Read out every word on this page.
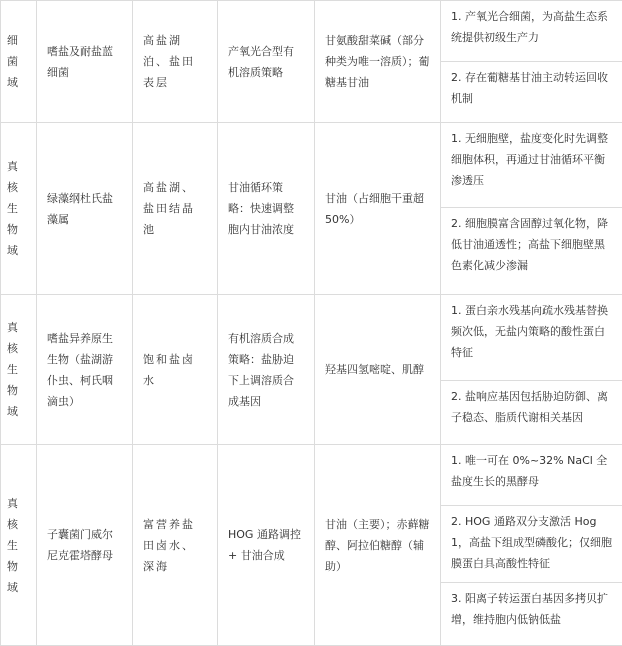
细菌域	嗜盐及耐盐蓝细菌	高盐湖泊、盐田表层	产氧光合型有机溶质策略	甘氨酸甜菜碱（部分种类为唯一溶质）；葡糖基甘油	1. 产氧光合细菌，为高盐生态系统提供初级生产力
2. 存在葡糖基甘油主动转运回收机制

真核生物域	绿藻纲杜氏盐藻属	高盐湖、盐田结晶池	甘油循环策略：快速调整胞内甘油浓度	甘油（占细胞干重超50%）	1. 无细胞壁，盐度变化时先调整细胞体积，再通过甘油循环平衡渗透压
2. 细胞膜富含固醇过氧化物，降低甘油通透性；高盐下细胞壁黑色素化减少渗漏

真核生物域	嗜盐异养原生生物（盐湖游仆虫、柯氏咽滴虫）	饱和盐卤水	有机溶质合成策略：盐胁迫下上调溶质合成基因	羟基四氢嘧啶、肌醇	1. 蛋白亲水残基向疏水残基替换频次低，无盐内策略的酸性蛋白特征
2. 盐响应基因包括胁迫防御、离子稳态、脂质代谢相关基因

真核生物域	子囊菌门威尔尼克霍塔酵母	富营养盐田卤水、深海	HOG 通路调控 + 甘油合成	甘油（主要）；赤藓糖醇、阿拉伯糖醇（辅助）	1. 唯一可在 0%~32% NaCl 全盐度生长的黑酵母
2. HOG 通路双分支激活 Hog1，高盐下组成型磷酸化；仅细胞膜蛋白具高酸性特征
3. 阳离子转运蛋白基因多拷贝扩增，维持胞内低钠低盐
